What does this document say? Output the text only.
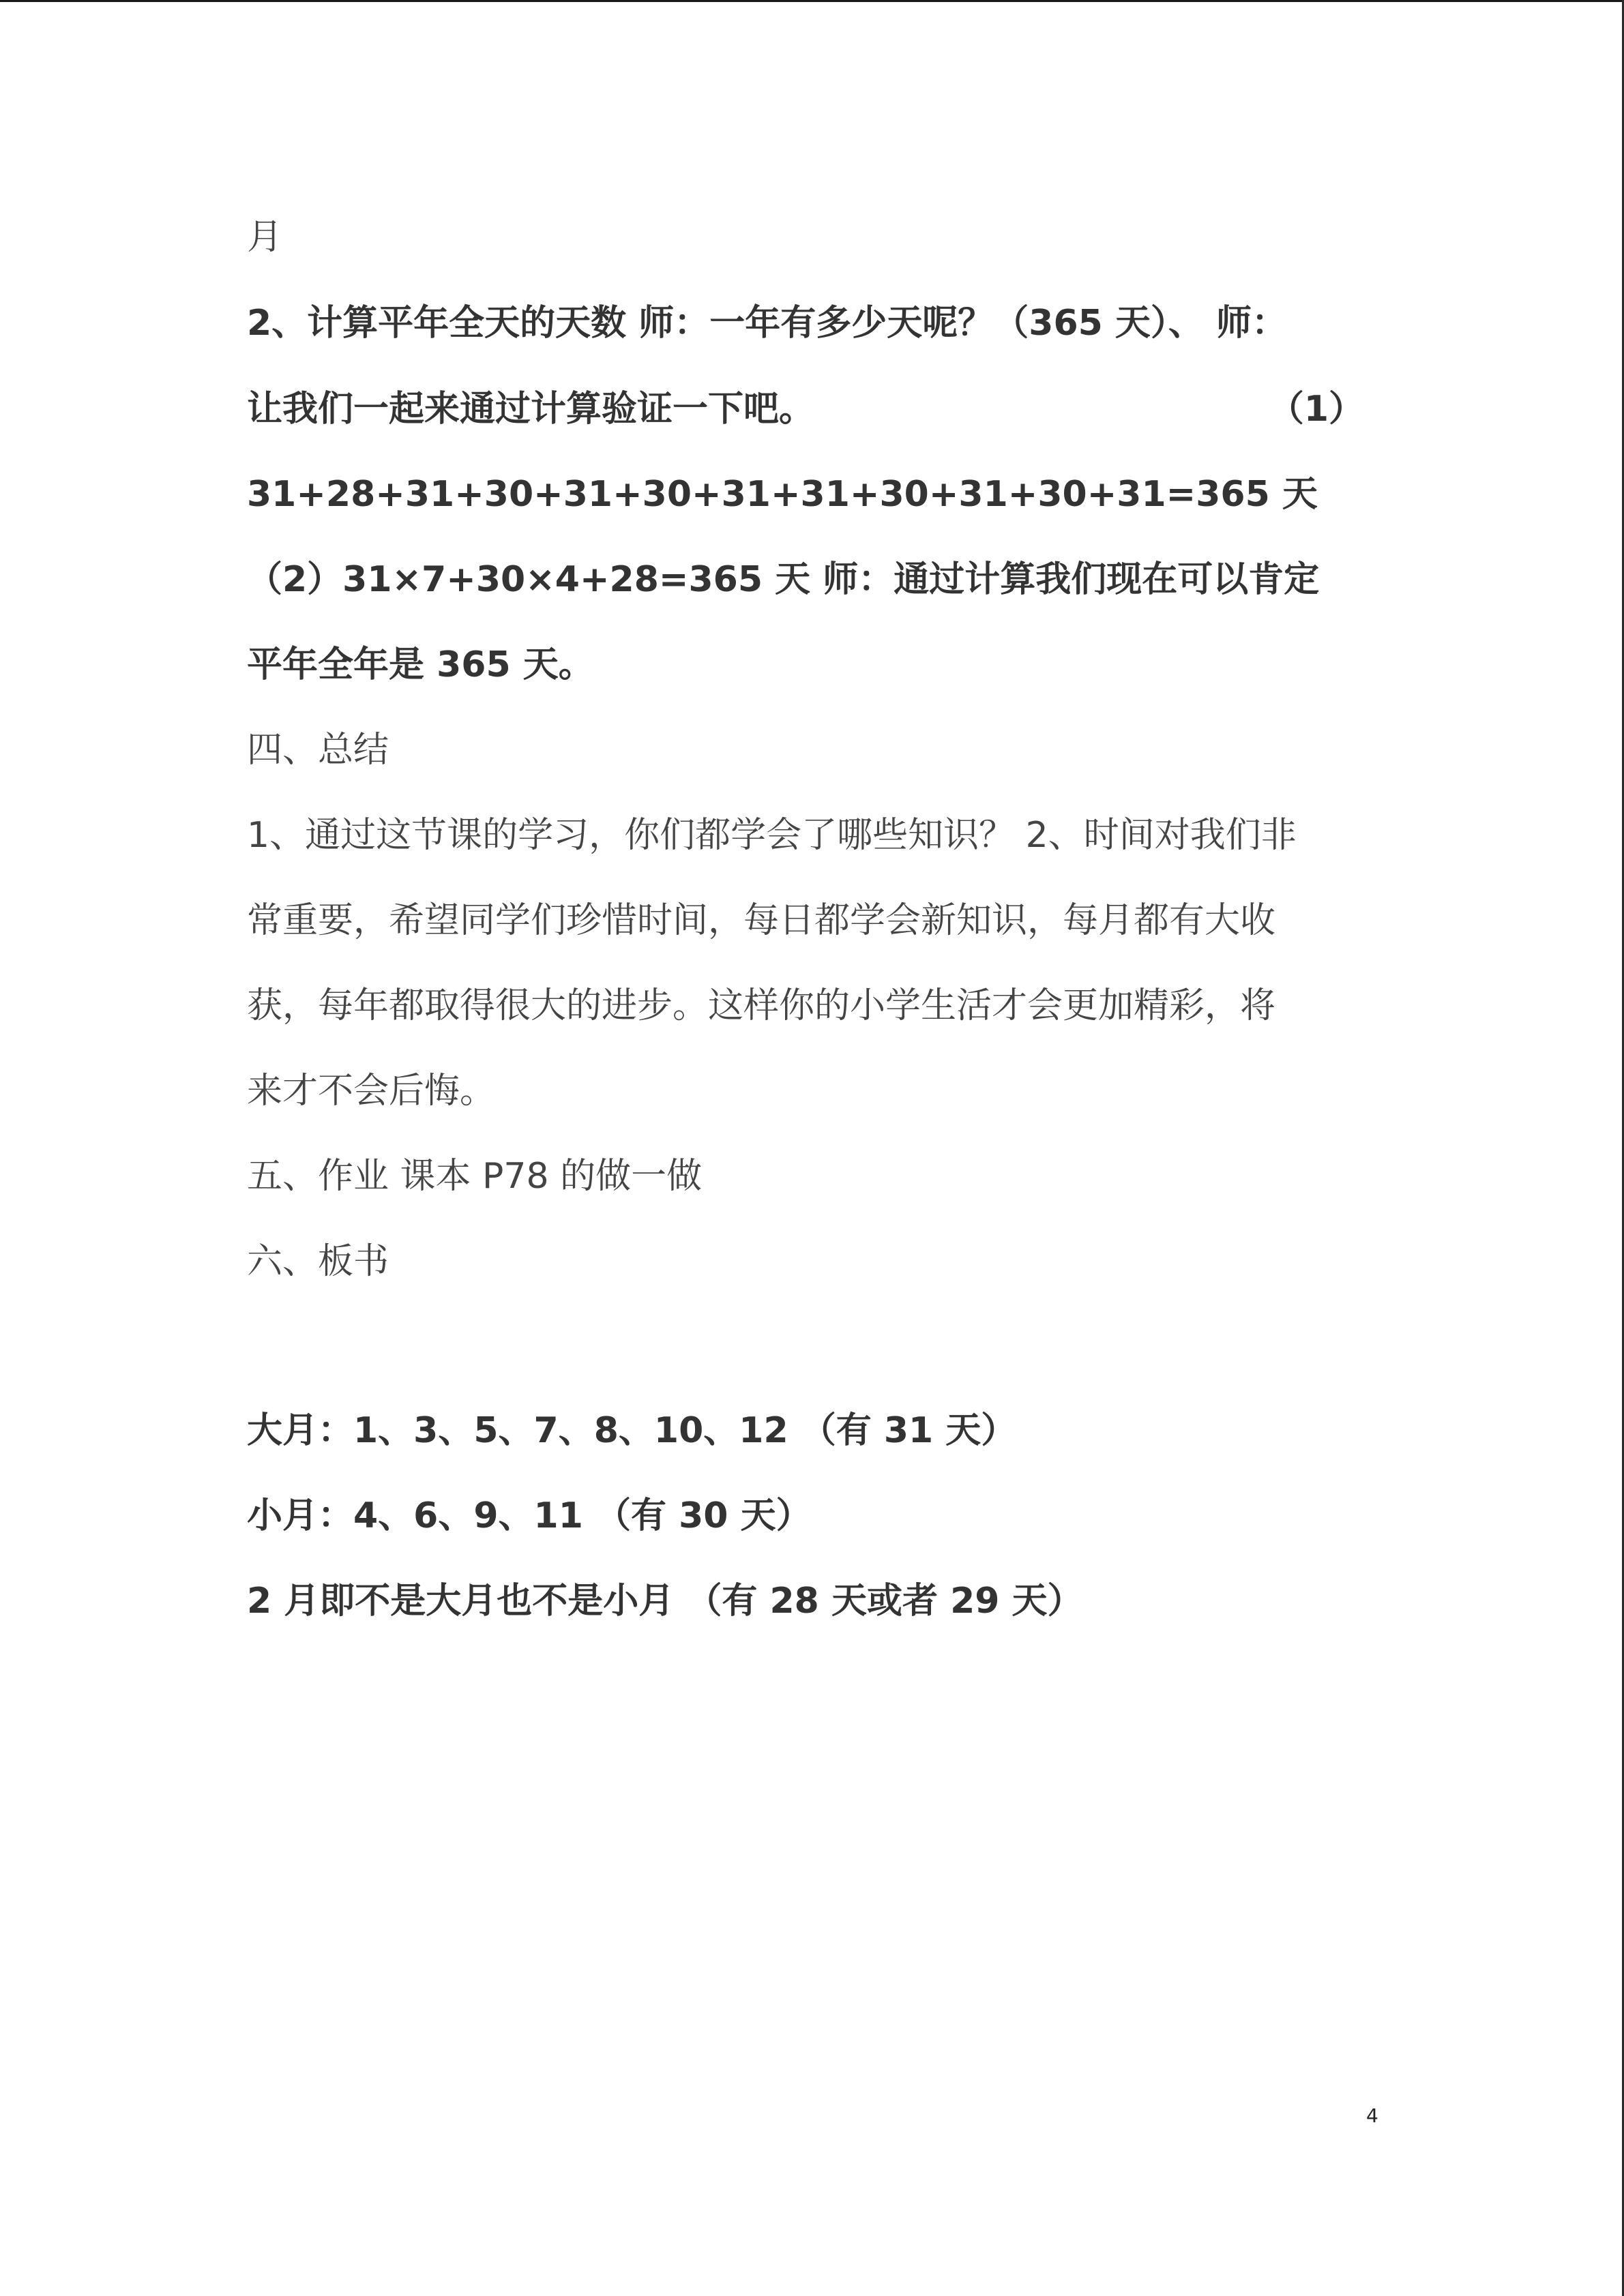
月
2、计算平年全天的天数 师：一年有多少天呢？（365 天）、 师：
让我们一起来通过计算验证一下吧。	（1）
31+28+31+30+31+30+31+31+30+31+30+31=365 天
（2）31×7+30×4+28=365 天 师：通过计算我们现在可以肯定
平年全年是 365 天。
四、总结
1、通过这节课的学习，你们都学会了哪些知识？ 2、时间对我们非
常重要，希望同学们珍惜时间，每日都学会新知识，每月都有大收
获，每年都取得很大的进步。这样你的小学生活才会更加精彩，将
来才不会后悔。
五、作业 课本 P78 的做一做
六、板书
大月：1、3、5、7、8、10、12 （有 31 天）
小月：4、6、9、11 （有 30 天）
2 月即不是大月也不是小月 （有 28 天或者 29 天）
4
